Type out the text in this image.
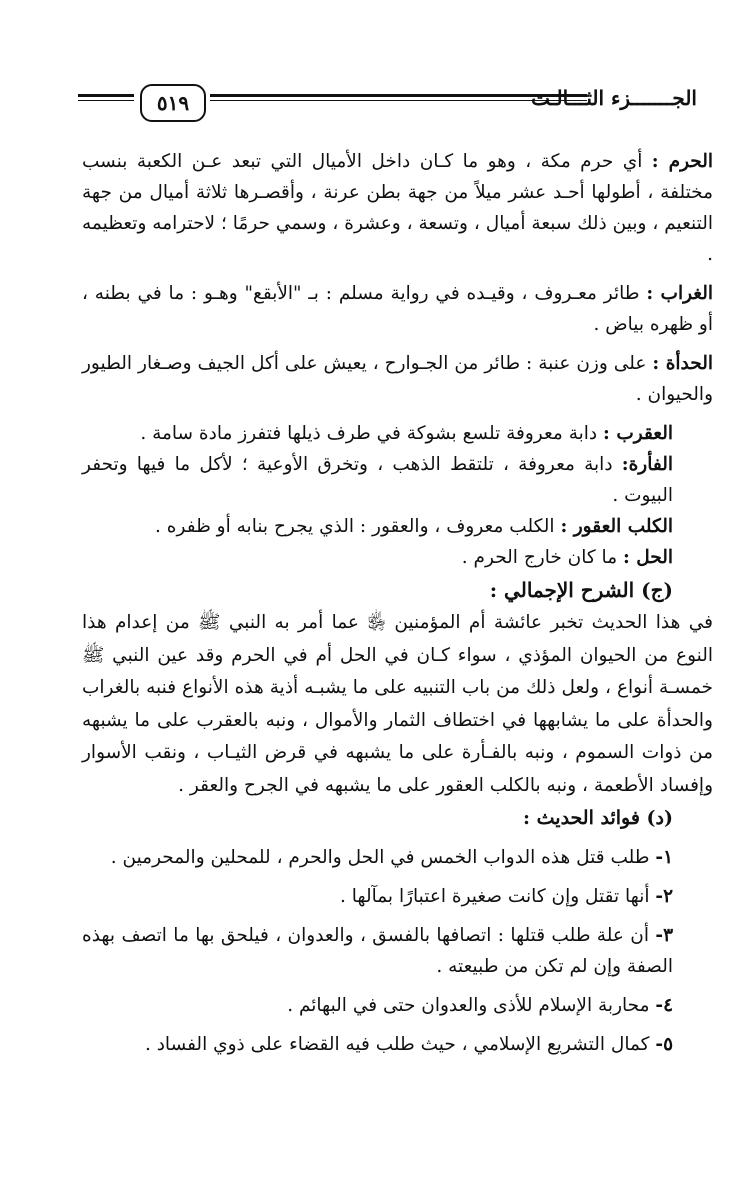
الجـــــــزء الثـــالـث
٥١٩

الحرم : أي حرم مكة ، وهو ما كـان داخل الأميال التي تبعد عـن الكعبة بنسب مختلفة ، أطولها أحـد عشر ميلاً من جهة بطن عرنة ، وأقصـرها ثلاثة أميال من جهة التنعيم ، وبين ذلك سبعة أميال ، وتسعة ، وعشرة ، وسمي حرمًا ؛ لاحترامه وتعظيمه .

الغراب : طائر معـروف ، وقيـده في رواية مسلم : بـ "الأبقع" وهـو : ما في بطنه ، أو ظهره بياض .

الحدأة : على وزن عنبة : طائر من الجـوارح ، يعيش على أكل الجيف وصـغار الطيور والحيوان .

العقرب : دابة معروفة تلسع بشوكة في طرف ذيلها فتفرز مادة سامة .

الفأرة: دابة معروفة ، تلتقط الذهب ، وتخرق الأوعية ؛ لأكل ما فيها وتحفر البيوت .

الكلب العقور : الكلب معروف ، والعقور : الذي يجرح بنابه أو ظفره .

الحل : ما كان خارج الحرم .

(ج) الشرح الإجمالي :

في هذا الحديث تخبر عائشة أم المؤمنين ﵂ عما أمر به النبي ﷺ من إعدام هذا النوع من الحيوان المؤذي ، سواء كـان في الحل أم في الحرم وقد عين النبي ﷺ خمسـة أنواع ، ولعل ذلك من باب التنبيه على ما يشبـه أذية هذه الأنواع فنبه بالغراب والحدأة على ما يشابهها في اختطاف الثمار والأموال ، ونبه بالعقرب على ما يشبهه من ذوات السموم ، ونبه بالفـأرة على ما يشبهه في قرض الثيـاب ، ونقب الأسوار وإفساد الأطعمة ، ونبه بالكلب العقور على ما يشبهه في الجرح والعقر .

(د) فوائد الحديث :

١- طلب قتل هذه الدواب الخمس في الحل والحرم ، للمحلين والمحرمين .

٢- أنها تقتل وإن كانت صغيرة اعتبارًا بمآلها .

٣- أن علة طلب قتلها : اتصافها بالفسق ، والعدوان ، فيلحق بها ما اتصف بهذه الصفة وإن لم تكن من طبيعته .

٤- محاربة الإسلام للأذى والعدوان حتى في البهائم .

٥- كمال التشريع الإسلامي ، حيث طلب فيه القضاء على ذوي الفساد .
